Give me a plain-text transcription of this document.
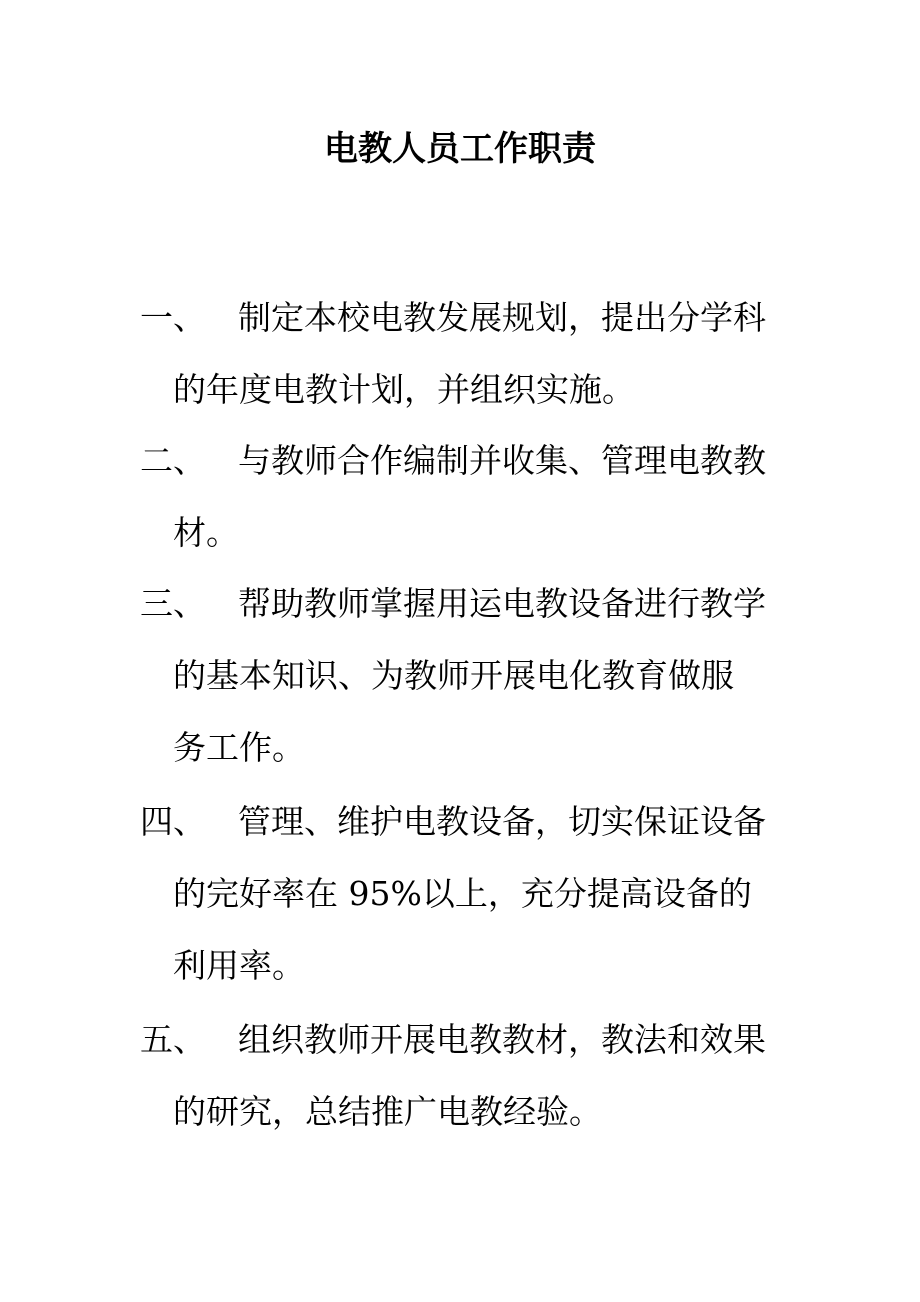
电教人员工作职责
一、 制定本校电教发展规划，提出分学科
的年度电教计划，并组织实施。
二、 与教师合作编制并收集、管理电教教
材。
三、 帮助教师掌握用运电教设备进行教学
的基本知识、为教师开展电化教育做服
务工作。
四、 管理、维护电教设备，切实保证设备
的完好率在 95%以上，充分提高设备的
利用率。
五、 组织教师开展电教教材，教法和效果
的研究，总结推广电教经验。
